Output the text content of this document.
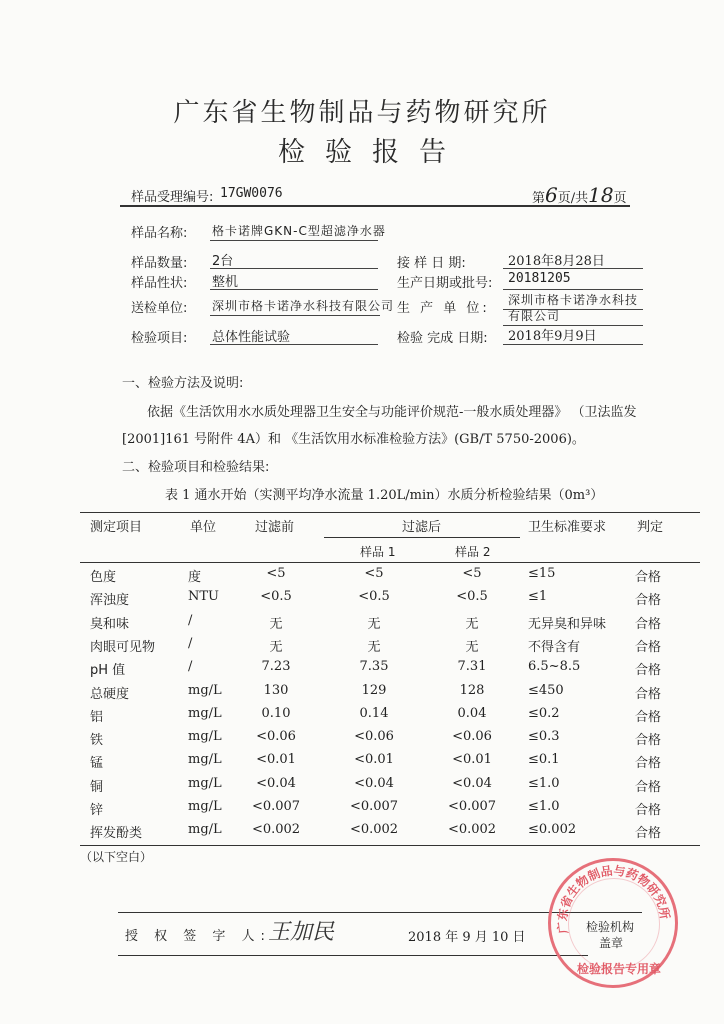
广东省生物制品与药物研究所
检验报告
样品受理编号: 17GW0076	第6页/共18页
样品名称: 格卡诺牌GKN-C型超滤净水器
样品数量: 2台	接 样 日 期:	2018年8月28日
样品性状: 整机	生产日期或批号: 20181205
送检单位: 深圳市格卡诺净水科技有限公司 生 产 单 位:
深圳市格卡诺净水科技
有限公司
检验项目: 总体性能试验	检验 完成 日期: 2018年9月9日
一、检验方法及说明:
依据《生活饮用水水质处理器卫生安全与功能评价规范-一般水质处理器》 （卫法监发
[2001]161 号附件 4A）和 《生活饮用水标准检验方法》(GB/T 5750-2006)。
二、检验项目和检验结果:
表 1 通水开始（实测平均净水流量 1.20L/min）水质分析检验结果（0m³）
测定项目	单位	过滤前	过滤后
样品 1	样品 2
卫生标准要求 判定
色度	度	<5	<5	<5	≤15	合格
浑浊度	NTU	<0.5	<0.5	<0.5	≤1	合格
臭和味	/	无	无	无	无异臭和异味	合格
肉眼可见物	/	无	无	无	不得含有	合格
pH 值	/	7.23	7.35	7.31	6.5~8.5	合格
总硬度	mg/L	130	129	128	≤450	合格
铝	mg/L	0.10	0.14	0.04	≤0.2	合格
铁	mg/L	<0.06	<0.06	<0.06	≤0.3	合格
锰	mg/L	<0.01	<0.01	<0.01	≤0.1	合格
铜	mg/L	<0.04	<0.04	<0.04	≤1.0	合格
锌	mg/L	<0.007	<0.007	<0.007	≤1.0	合格
挥发酚类	mg/L	<0.002	<0.002	<0.002	≤0.002	合格
（以下空白）
授 权 签 字 人:
王加民	2018 年 9 月 10 日
检验机构
盖章
广东省生物制品与药物研究所
检验报告专用章
